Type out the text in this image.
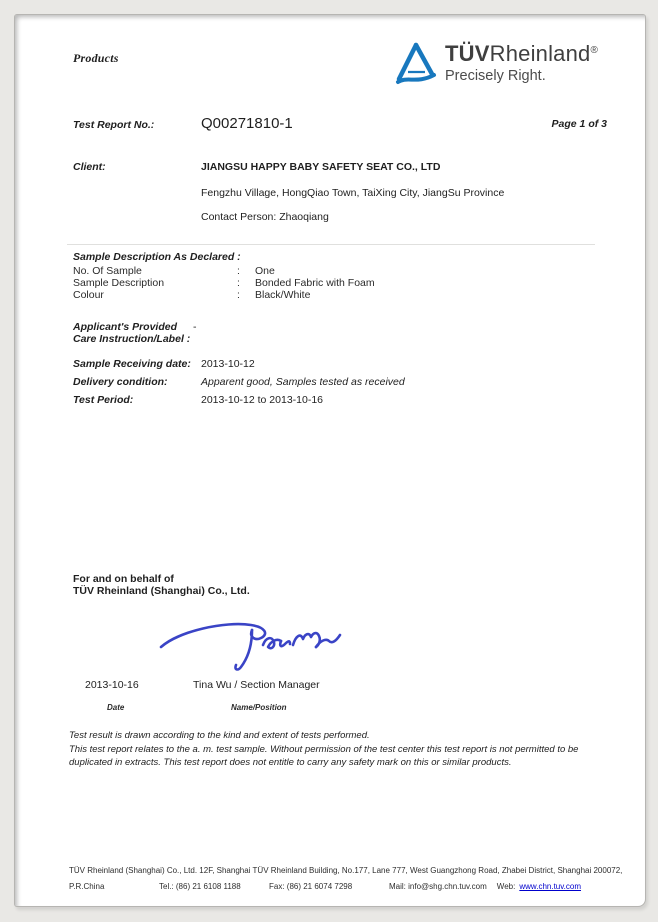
Products	TÜVRheinland®
Precisely Right.
Test Report No.:	Q00271810-1	Page 1 of 3
Client:	JIANGSU HAPPY BABY SAFETY SEAT CO., LTD
Fengzhu Village, HongQiao Town, TaiXing City, JiangSu Province
Contact Person: Zhaoqiang
Sample Description As Declared :
No. Of Sample	:	One
Sample Description	:	Bonded Fabric with Foam
Colour	:	Black/White
Applicant's Provided -
Care Instruction/Label :
Sample Receiving date: 2013-10-12
Delivery condition:	Apparent good, Samples tested as received
Test Period:	2013-10-12 to 2013-10-16
For and on behalf of
TÜV Rheinland (Shanghai) Co., Ltd.
2013-10-16	Tina Wu / Section Manager
Date	Name/Position
Test result is drawn according to the kind and extent of tests performed.
This test report relates to the a. m. test sample. Without permission of the test center this test report is not permitted to be duplicated in extracts. This test report does not entitle to carry any safety mark on this or similar products.
TÜV Rheinland (Shanghai) Co., Ltd. 12F, Shanghai TÜV Rheinland Building, No.177, Lane 777, West Guangzhong Road, Zhabei District, Shanghai 200072,
P.R.China	Tel.: (86) 21 6108 1188	Fax: (86) 21 6074 7298	Mail: info@shg.chn.tuv.com Web: www.chn.tuv.com
